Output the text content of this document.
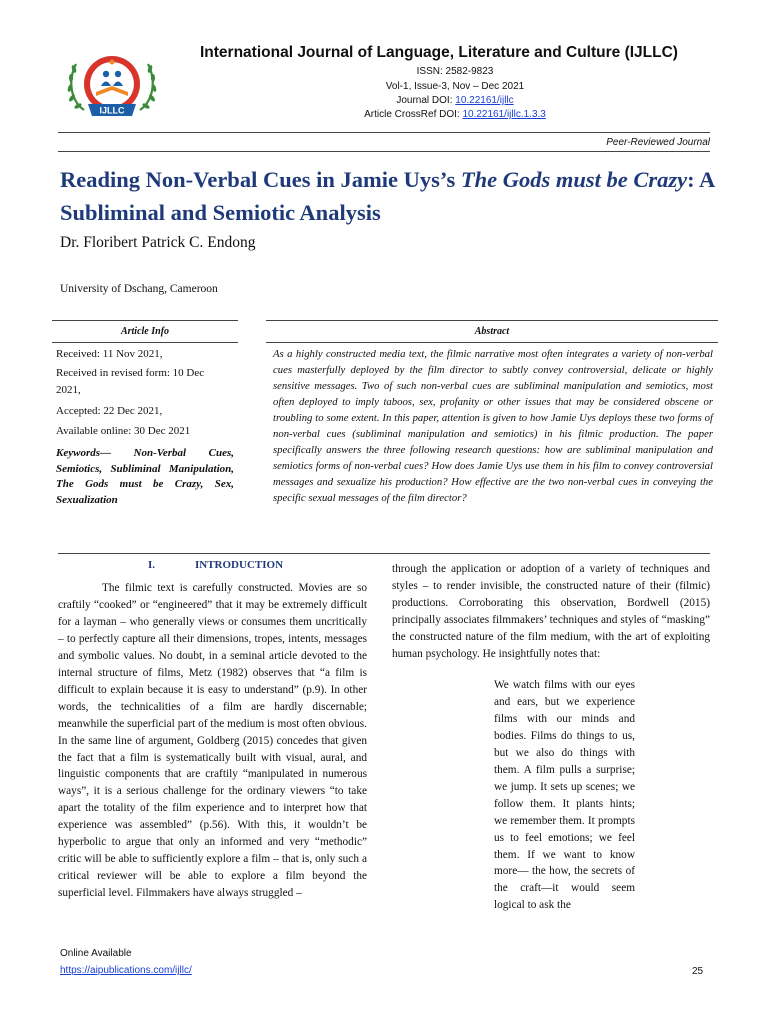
IJLLC
International Journal of Language, Literature and Culture (IJLLC)
ISSN: 2582-9823
Vol-1, Issue-3, Nov – Dec 2021
Journal DOI: 10.22161/ijllc
Article CrossRef DOI: 10.22161/ijllc.1.3.3
Peer-Reviewed Journal
Reading Non-Verbal Cues in Jamie Uys’s The Gods must be Crazy: A Subliminal and Semiotic Analysis
Dr. Floribert Patrick C. Endong
University of Dschang, Cameroon
Article Info
Received: 11 Nov 2021,
Received in revised form: 10 Dec
2021,
Accepted: 22 Dec 2021,
Available online: 30 Dec 2021
Keywords— Non-Verbal Cues, Semiotics, Subliminal Manipulation, The Gods must be Crazy, Sex, Sexualization
Abstract
As a highly constructed media text, the filmic narrative most often integrates a variety of non-verbal cues masterfully deployed by the film director to subtly convey controversial, delicate or highly sensitive messages. Two of such non-verbal cues are subliminal manipulation and semiotics, most often deployed to imply taboos, sex, profanity or other issues that may be considered obscene or troubling to some extent. In this paper, attention is given to how Jamie Uys deploys these two forms of non-verbal cues (subliminal manipulation and semiotics) in his filmic production. The paper specifically answers the three following research questions: how are subliminal manipulation and semiotics forms of non-verbal cues? How does Jamie Uys use them in his film to convey controversial messages and sexualize his production? How effective are the two non-verbal cues in conveying the specific sexual messages of the film director?
I.	INTRODUCTION
The filmic text is carefully constructed. Movies are so craftily “cooked” or “engineered” that it may be extremely difficult for a layman – who generally views or consumes them uncritically – to perfectly capture all their dimensions, tropes, intents, messages and symbolic values. No doubt, in a seminal article devoted to the internal structure of films, Metz (1982) observes that “a film is difficult to explain because it is easy to understand” (p.9). In other words, the technicalities of a film are hardly discernable; meanwhile the superficial part of the medium is most often obvious. In the same line of argument, Goldberg (2015) concedes that given the fact that a film is systematically built with visual, aural, and linguistic components that are craftily “manipulated in numerous ways”, it is a serious challenge for the ordinary viewers “to take apart the totality of the film experience and to interpret how that experience was assembled” (p.56). With this, it wouldn’t be hyperbolic to argue that only an informed and very “methodic” critic will be able to sufficiently explore a film – that is, only such a critical reviewer will be able to explore a film beyond the superficial level. Filmmakers have always struggled –
through the application or adoption of a variety of techniques and styles – to render invisible, the constructed nature of their (filmic) productions. Corroborating this observation, Bordwell (2015) principally associates filmmakers’ techniques and styles of “masking” the constructed nature of the film medium, with the art of exploiting human psychology. He insightfully notes that:
We watch films with our eyes and ears, but we experience films with our minds and bodies. Films do things to us, but we also do things with them. A film pulls a surprise; we jump. It sets up scenes; we follow them. It plants hints; we remember them. It prompts us to feel emotions; we feel them. If we want to know more— the how, the secrets of the craft—it would seem logical to ask the
Online Available
https://aipublications.com/ijllc/	25
